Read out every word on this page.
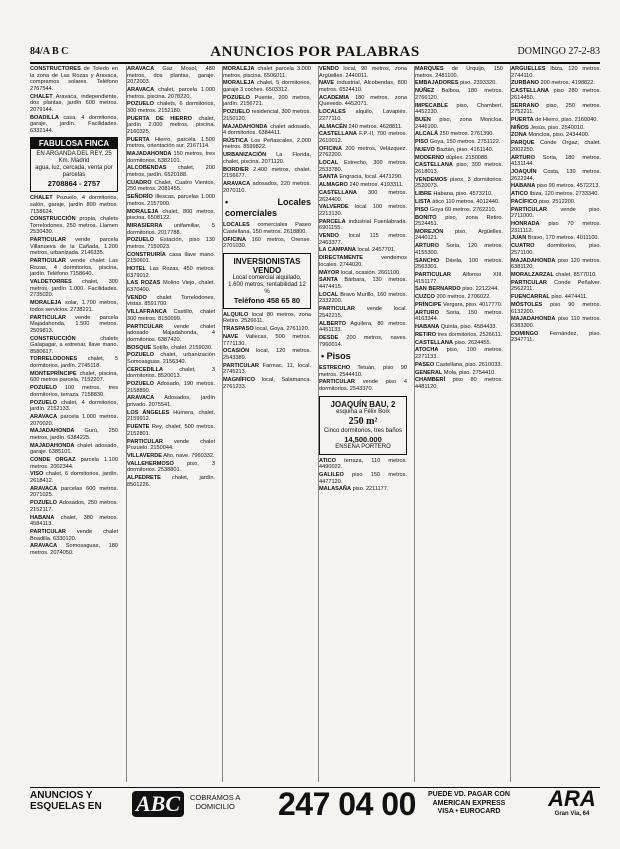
84/A B C	ANUNCIOS POR PALABRAS	DOMINGO 27-2-83
CONSTRUCTORES de Toledo en la zona de Las Rozas y Aravaca, compramos solares. Teléfono 2767544.
CHALET Aravaca, independiente, dos plantas, jardín 600 metros. 2079144.
BOADILLA casa, 4 dormitorios, garaje, jardín. Facilidades. 6332144.
FABULOSA FINCA
EN ARGANDA DEL REY, 25 Km. Madrid
agua, luz, cercada, venta por parcelas
2708864 - 2757
CHALET Pozuelo, 4 dormitorios, salón, garaje, jardín 800 metros. 7158624.
CONSTRUCCIÓN propia, chalets Torrelodones, 250 metros. Llamen 2530430.
PARTICULAR vende parcela Villanueva de la Cañada, 1.200 metros, urbanizada. 2146335.
PARTICULAR vende chalet Las Rozas, 4 dormitorios, piscina, jardín. Teléfono 7158640.
VALDETORRES chalet, 300 metros, jardín 1.000. Facilidades. 2735020.
MORALEJA solar, 1.700 metros, todos servicios. 2738221.
PARTICULAR vende parcela Majadahonda, 1.500 metros. 2509813.
CONSTRUCCIÓN chalets Galapagar, a estrenar, llave mano. 8580617.
TORRELODONES chalet, 5 dormitorios, jardín. 2745118.
MONTEPRÍNCIPE chalet, piscina, 600 metros parcela. 7152207.
POZUELO 100 metros, tres dormitorios, terraza. 7158830.
POZUELO chalet, 4 dormitorios, jardín. 2152133.
ARAVACA parcela 1.000 metros. 2070020.
MAJADAHONDA Gurú, 250 metros, jardín. 6384225.
MAJADAHONDA chalet adosado, garaje. 6385101.
CONDE ORGAZ parcela 1.100 metros. 2002344.
VISO chalet, 6 dormitorios, jardín. 2618412.
ARAVACA parcelas 600 metros. 2071025.
POZUELO Adosados, 250 metros. 2152117.
HABANA chalet, 380 metros. 4584113.
PARTICULAR vende chalet Boadilla. 6330120.
ARAVACA Somosaguas, 180 metros. 2074050.
ARAVACA Gaz Mosol, 480 metros, dos plantas, garaje. 2072003.
ARAVACA chalet, parcela 1.000 metros, piscina. 2078220.
POZUELO chalets, 6 dormitorios, 300 metros. 2152180.
PUERTA DE HIERRO chalet, jardín 2.000 metros, piscina. 2160325.
PUERTA Hierro, parcela 1.500 metros, orientación sur. 2167114.
MAJADAHONDA 150 metros, tres dormitorios. 6382101.
ALCOBENDAS chalet, 200 metros, jardín. 6520188.
CUADRO Chalet, Cuatro Vientos, 250 metros. 2081455.
SEÑORÍO Illescas, parcelas 1.000 metros. 2157900.
MORALEJA chalet, 800 metros, piscina. 6508122.
MIRASIERRA unifamiliar, 5 dormitorios. 2017788.
POZUELO Estación, piso 130 metros. 7150023.
CONSTRUIRÍA casa llave mano. 2150601.
HOTEL Las Rozas, 450 metros. 6379012.
LAS ROZAS Molino Viejo, chalet. 6370400.
VENDO chalet Torrelodones, vistas. 8591700.
VILLAFRANCA Castillo, chalet 300 metros. 8150099.
PARTICULAR vende chalet adosado Majadahonda, 4 dormitorios. 6387420.
BOSQUE Sotillo, chalet. 2159030.
POZUELO chalet, urbanización Somosaguas. 2156340.
CERCEDILLA chalet, 3 dormitorios. 8520013.
POZUELO Adosado, 190 metros. 2158890.
ARAVACA Adosados, jardín privado. 2075541.
LOS ÁNGELES Húmera, chalet. 2159912.
FUENTE Rey, chalet, 500 metros. 2152801.
PARTICULAR vende chalet Pozuelo. 2150044.
VILLAVERDE Alto, nave. 7960332.
VALLEHERMOSO piso, 3 dormitorios. 2538801.
ALPEDRETE chalet, jardín. 8501226.
MORALEJA chalet parcela 3.000 metros, piscina. 6506011.
MORALEJA chalet, 5 dormitorios, garaje 3 coches. 6503312.
POZUELO Puente, 200 metros, jardín. 2156721.
POZUELO residencial, 300 metros. 2150120.
MAJADAHONDA chalet adosado, 4 dormitorios. 6384411.
RÚSTICA Los Peñascales, 2.000 metros. 8599822.
URBANIZACIÓN La Florida, chalet, piscina. 2071120.
BORDIER 2.400 metros, chalet. 2156677.
ARAVACA adosados, 220 metros. 2070110.
• Locales comerciales
LOCALES comerciales Paseo Castellana, 150 metros. 2618800.
OFICINA 160 metros, Orense. 2701030.
INVERSIONISTAS VENDO
Local comercial alquilado, 1.600 metros, rentabilidad 12 %
Teléfono 458 65 80
ALQUILO local 80 metros, zona Retiro. 2526611.
TRASPASO local, Goya. 2761120.
NAVE Vallecas, 500 metros. 7771130.
OCASIÓN local, 120 metros. 2543389.
PARTICULAR Farmac. 11, local. 2745213.
MAGNÍFICO local, Salamanca. 2761233.
VENDO local, 90 metros, zona Argüelles. 2440011.
NAVE industrial, Alcobendas, 800 metros. 6524410.
ACADEMIA 180 metros, zona Quevedo. 4452071.
LOCALES alquilo, Lavapiés. 2277110.
ALMACÉN 240 metros. 4628811.
CASTELLANA F.P.-II, 700 metros. 2610012.
OFICINA 200 metros, Velázquez. 2762200.
LOCAL Estrecho, 300 metros. 2533780.
SANTA Engracia, local. 4471290.
ALMAGRO 240 metros. 4193311.
CASTELLANA 300 metros. 2624400.
VALVERDE local 100 metros. 2213130.
PARCELA industrial Fuenlabrada. 6901155.
VENDO local 115 metros. 2463377.
LA CAMPANA local. 2457701.
DIRECTAMENTE vendemos locales. 2744020.
MAYOR local, ocasión. 2661100.
SANTA Bárbara, 130 metros. 4474415.
LOCAL Bravo Murillo, 160 metros. 2332200.
PARTICULAR vende local. 2542215.
ALBERTO Aguilera, 80 metros. 4451133.
DESDE 200 metros, naves. 7960014.
• Pisos
ESTRECHO Tetuán, piso 90 metros. 2544410.
PARTICULAR vende piso 4 dormitorios. 2543370.
JOAQUÍN BAU, 2
esquina a Félix Boix
250 m²
Cinco dormitorios, tres baños
14.500.000
ENSEÑA PORTERO
ATICO terraza, 110 metros. 4490022.
GALILEO piso 150 metros. 4477120.
MALASAÑA piso. 2211177.
MARQUÉS de Urquijo, 150 metros. 2481100.
EMBAJADORES piso. 2393320.
NÚÑEZ Balboa, 180 metros. 2766120.
IMPECABLE piso, Chamberí. 4452230.
BUEN piso, zona Moncloa. 2446100.
ALCALÁ 250 metros. 2761390.
PISO Goya, 150 metros. 2751122.
NUEVO Baztán, piso. 4161140.
MODERNO dúplex. 2150088.
CASTELLANA piso, 300 metros. 2618013.
VENDEMOS pisos, 3 dormitorios. 2520073.
LIBRE Habana, piso. 4573210.
LISTA ático 110 metros. 4012440.
PISO Goya 60 metros. 2762210.
BONITO piso, zona Retiro. 2524451.
MOREJÓN piso, Argüelles. 2440121.
ARTURO Soria, 120 metros. 4155300.
SANCHO Dávila, 100 metros. 2563301.
PARTICULAR Alfonso XIII. 4151177.
SAN BERNARDO piso. 2212244.
CUZCO 200 metros. 2706022.
PRÍNCIPE Vergara, piso. 4017770.
ARTURO Soria, 150 metros. 4163344.
HABANA Quinta, piso. 4584433.
RETIRO tres dormitorios. 2526611.
CASTELLANA piso. 2624455.
ATOCHA piso, 100 metros. 2271133.
PASEO Castellana, piso. 2610033.
GENERAL Mola, piso. 2754410.
CHAMBERÍ piso 80 metros. 4481120.
ARGÜELLES Ibiza, 120 metros. 2744110.
ZURBANO 200 metros. 4198822.
CASTELLANA piso 280 metros. 2614450.
SERRANO piso, 250 metros. 2752211.
PUERTA de Hierro, piso. 2160040.
NIÑOS Jesús, piso. 2540010.
ZONA Moncloa, piso. 2434400.
PARQUE Conde Orgaz, chalet. 2002250.
ARTURO Soria, 180 metros. 4131144.
JOAQUÍN Costa, 130 metros. 2622244.
HABANA piso 90 metros. 4572213.
ATICO Ibiza, 120 metros. 2733340.
PACÍFICO piso. 2512200.
PARTICULAR vende piso. 2711000.
HONRADA piso 70 metros. 2311112.
JUAN Bravo, 170 metros. 4011100.
CUATRO dormitorios, piso. 2571100.
MAJADAHONDA piso 120 metros. 6381120.
MORALZARZAL chalet. 8577010.
PARTICULAR Conde Peñalver. 2562211.
FUENCARRAL piso. 4474411.
MÓSTOLES piso 90 metros. 6132200.
MAJADAHONDA piso 110 metros. 6383300.
DOMINGO Fernández, piso. 2347711.
ANUNCIOS Y
ESQUELAS EN ABC	COBRAMOS A
DOMICILIO 247 04 00 PUEDE VD. PAGAR CON
AMERICAN EXPRESS
VISA • EUROCARD
ARA
Gran Vía, 64
